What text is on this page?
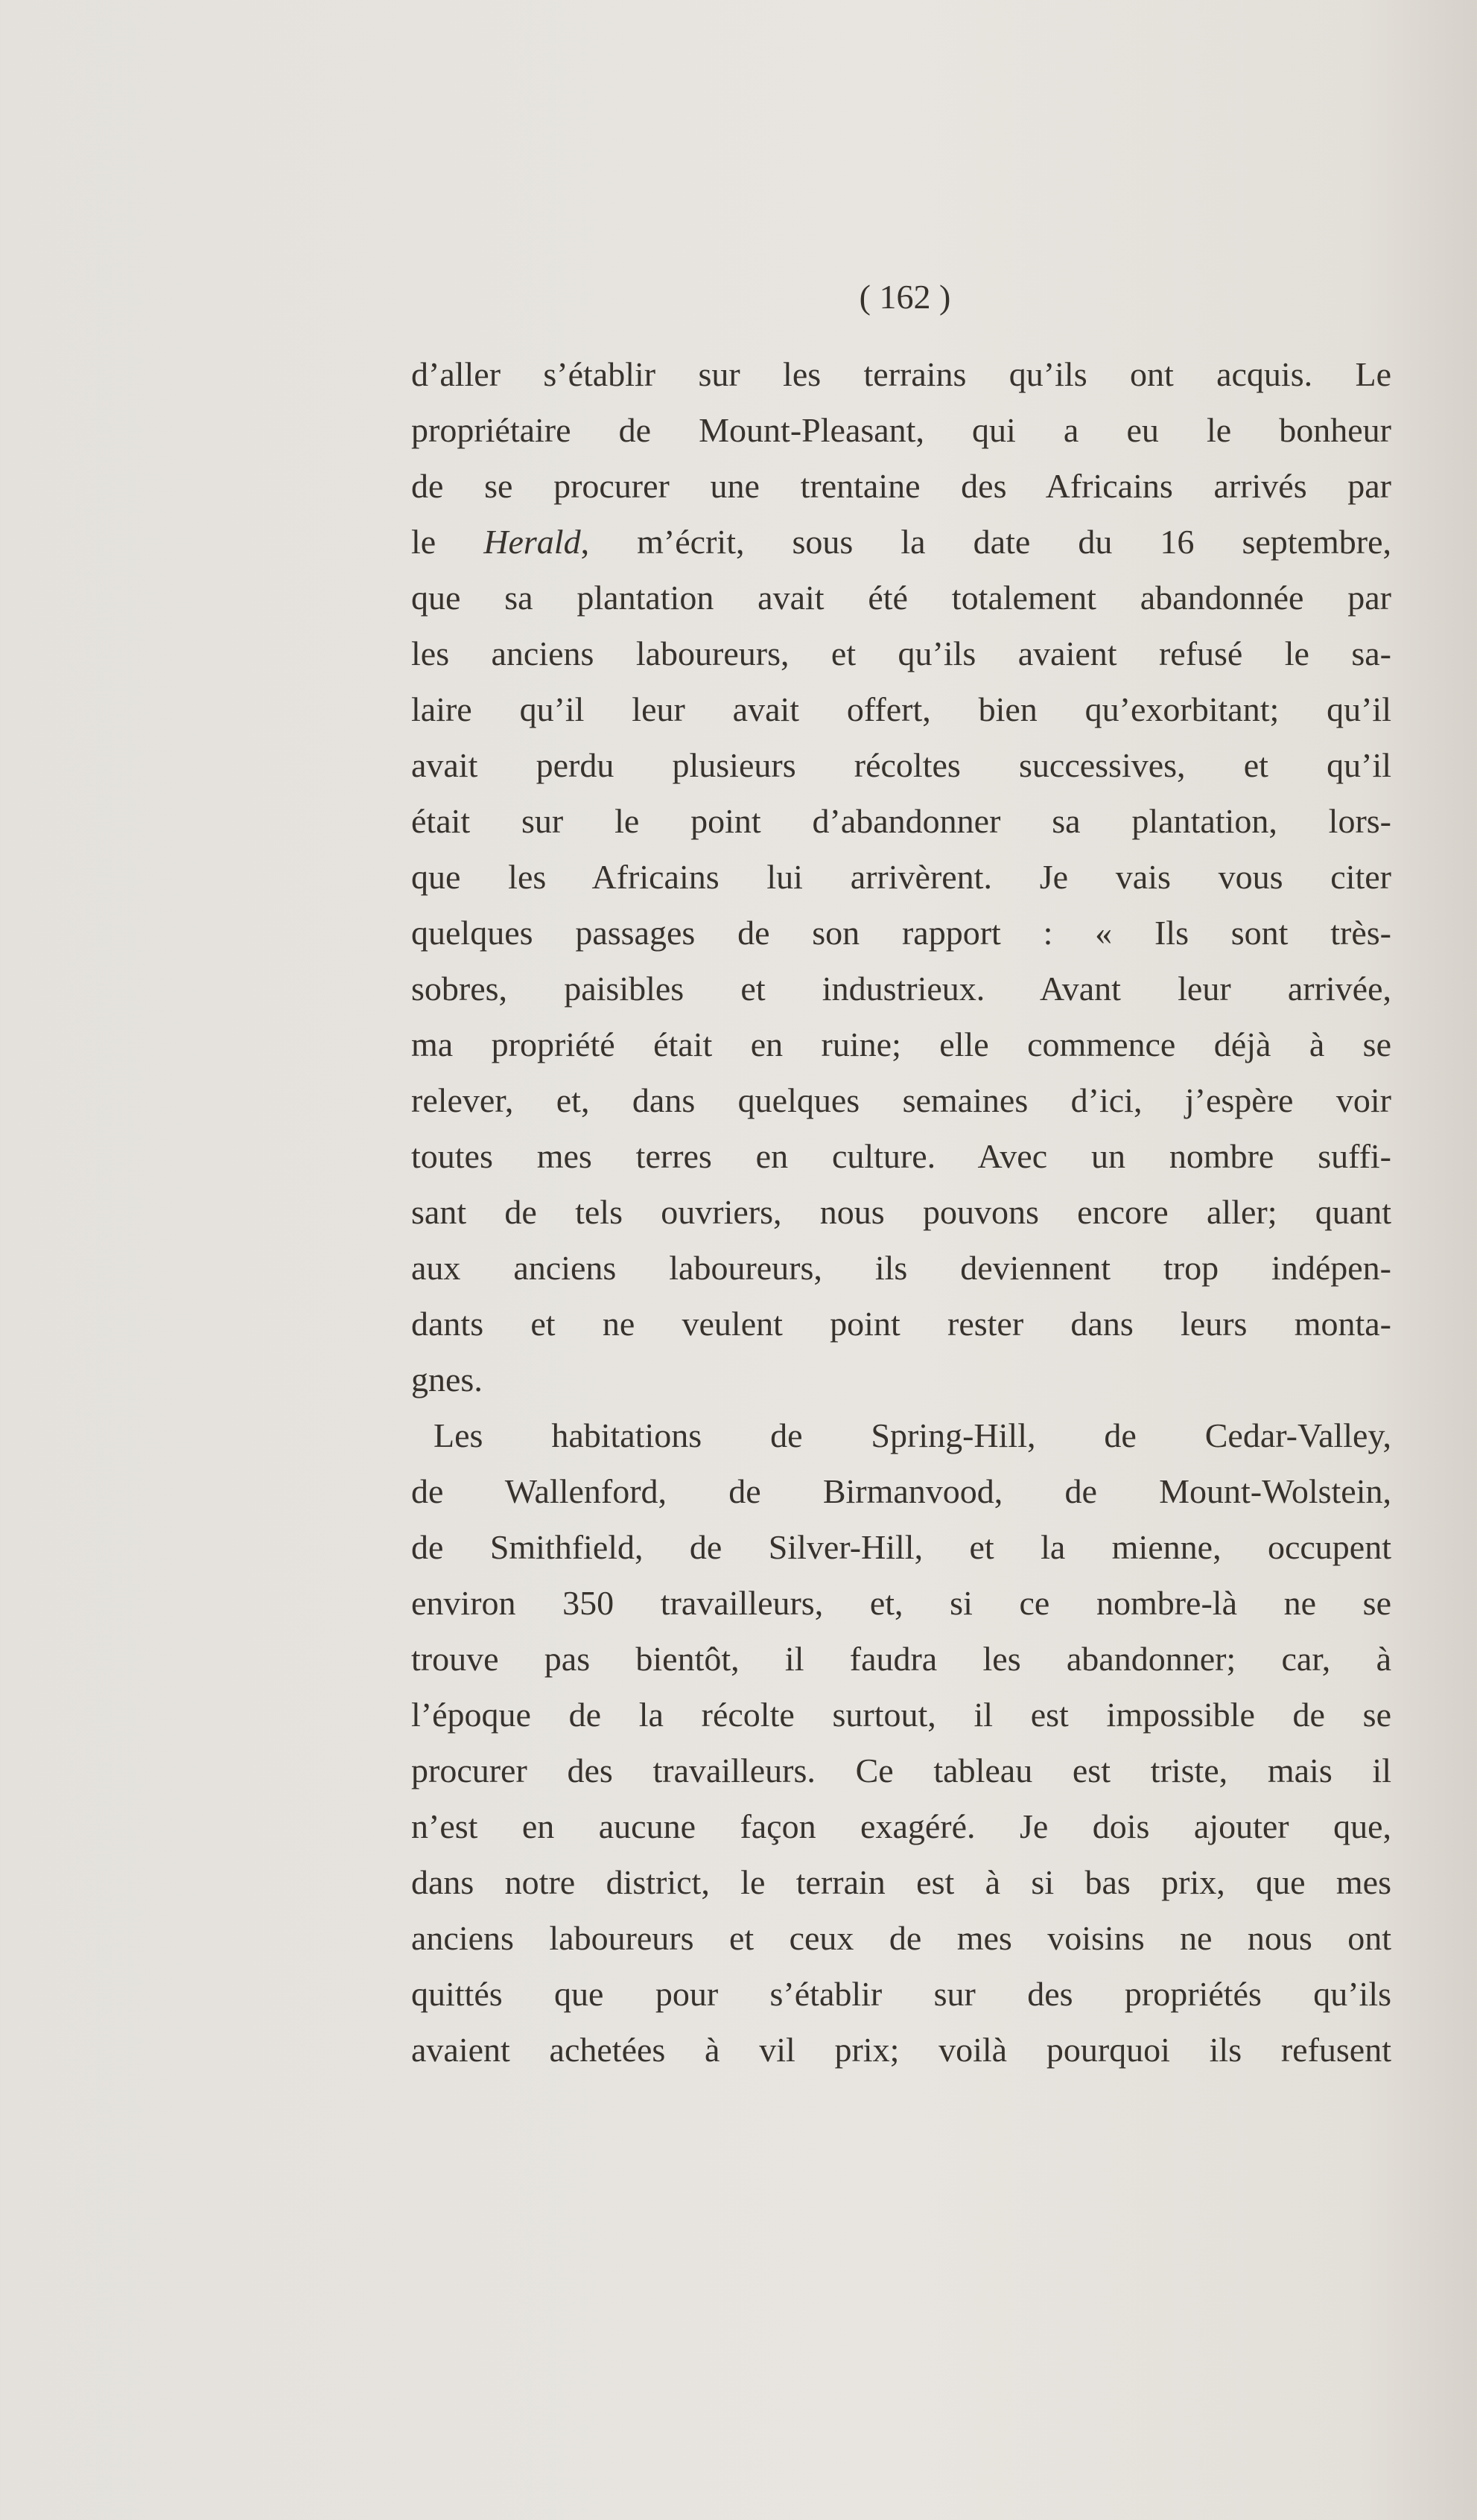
( 162 )
d’aller s’établir sur les terrains qu’ils ont acquis. Le
propriétaire de Mount-Pleasant, qui a eu le bonheur
de se procurer une trentaine des Africains arrivés par
le Herald, m’écrit, sous la date du 16 septembre,
que sa plantation avait été totalement abandonnée par
les anciens laboureurs, et qu’ils avaient refusé le sa-
laire qu’il leur avait offert, bien qu’exorbitant; qu’il
avait perdu plusieurs récoltes successives, et qu’il
était sur le point d’abandonner sa plantation, lors-
que les Africains lui arrivèrent. Je vais vous citer
quelques passages de son rapport : « Ils sont très-
sobres, paisibles et industrieux. Avant leur arrivée,
ma propriété était en ruine; elle commence déjà à se
relever, et, dans quelques semaines d’ici, j’espère voir
toutes mes terres en culture. Avec un nombre suffi-
sant de tels ouvriers, nous pouvons encore aller; quant
aux anciens laboureurs, ils deviennent trop indépen-
dants et ne veulent point rester dans leurs monta-
gnes.
Les habitations de Spring-Hill, de Cedar-Valley,
de Wallenford, de Birmanvood, de Mount-Wolstein,
de Smithfield, de Silver-Hill, et la mienne, occupent
environ 350 travailleurs, et, si ce nombre-là ne se
trouve pas bientôt, il faudra les abandonner; car, à
l’époque de la récolte surtout, il est impossible de se
procurer des travailleurs. Ce tableau est triste, mais il
n’est en aucune façon exagéré. Je dois ajouter que,
dans notre district, le terrain est à si bas prix, que mes
anciens laboureurs et ceux de mes voisins ne nous ont
quittés que pour s’établir sur des propriétés qu’ils
avaient achetées à vil prix; voilà pourquoi ils refusent
